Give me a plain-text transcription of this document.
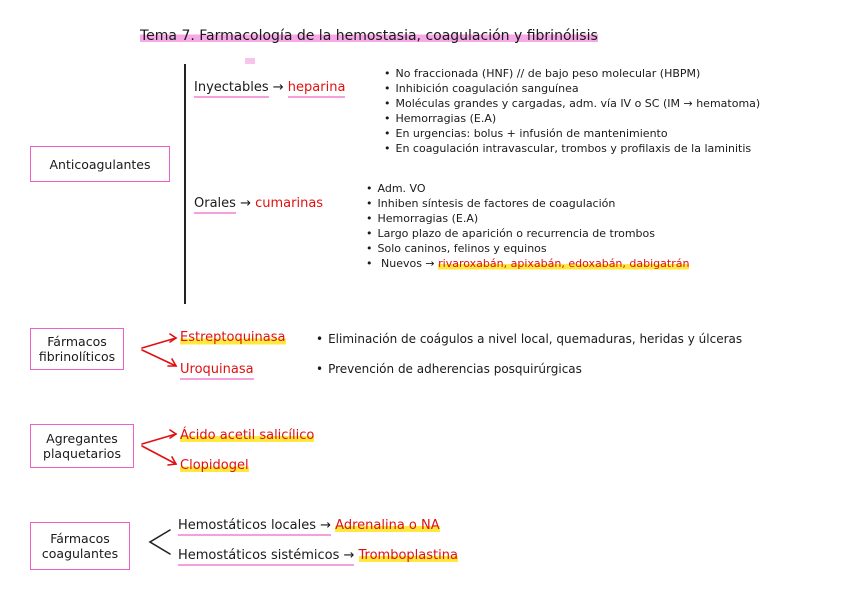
Tema 7. Farmacología de la hemostasia, coagulación y fibrinólisis
Anticoagulantes
Inyectables → heparina
• No fraccionada (HNF) // de bajo peso molecular (HBPM)
• Inhibición coagulación sanguínea
• Moléculas grandes y cargadas, adm. vía IV o SC (IM → hematoma)
• Hemorragias (E.A)
• En urgencias: bolus + infusión de mantenimiento
• En coagulación intravascular, trombos y profilaxis de la laminitis
Orales → cumarinas
• Adm. VO
• Inhiben síntesis de factores de coagulación
• Hemorragias (E.A)
• Largo plazo de aparición o recurrencia de trombos
• Solo caninos, felinos y equinos
• Nuevos → rivaroxabán, apixabán, edoxabán, dabigatrán
Fármacos
fibrinolíticos
Estreptoquinasa
Uroquinasa
• Eliminación de coágulos a nivel local, quemaduras, heridas y úlceras
• Prevención de adherencias posquirúrgicas
Agregantes
plaquetarios
Ácido acetil salicílico
Clopidogel
Fármacos
coagulantes
Hemostáticos locales → Adrenalina o NA
Hemostáticos sistémicos → Tromboplastina
